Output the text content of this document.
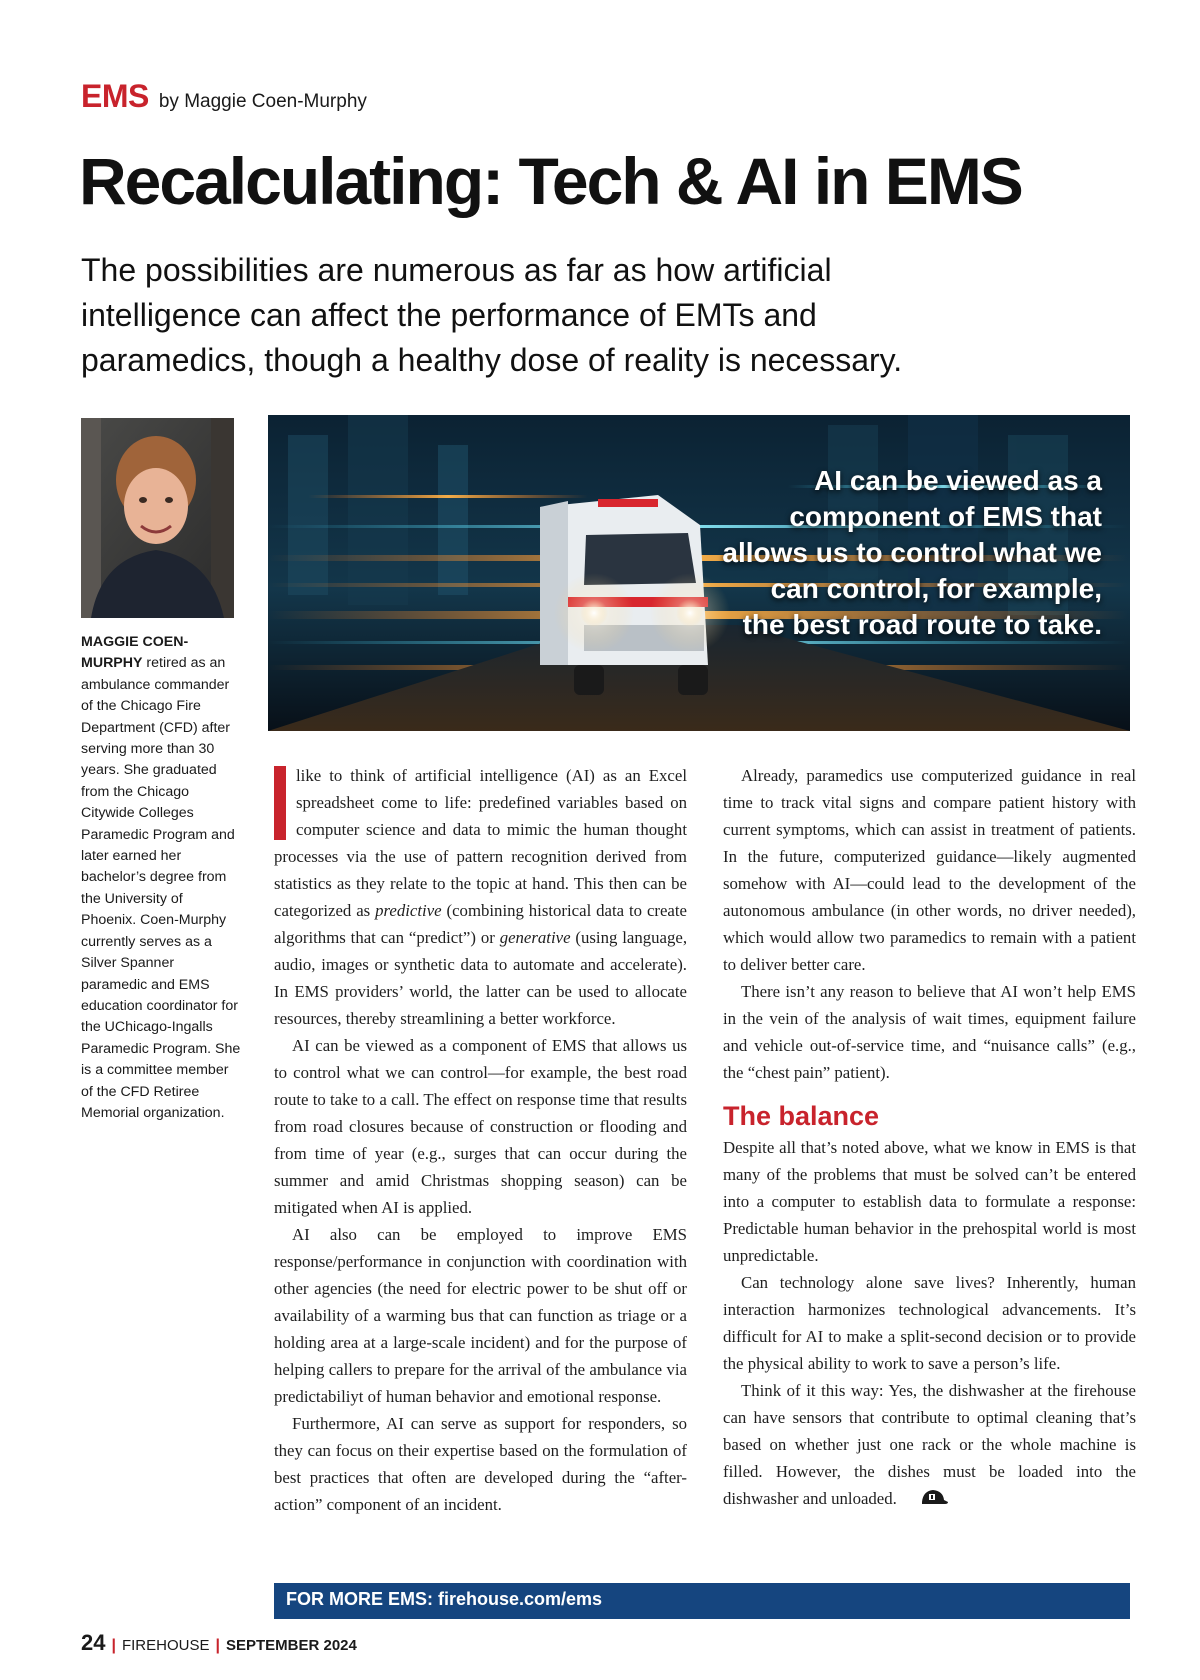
EMS by Maggie Coen-Murphy
Recalculating: Tech & AI in EMS

The possibilities are numerous as far as how artificial intelligence can affect the performance of EMTs and paramedics, though a healthy dose of reality is necessary.

MAGGIE COEN-MURPHY retired as an ambulance commander of the Chicago Fire Department (CFD) after serving more than 30 years. She graduated from the Chicago Citywide Colleges Paramedic Program and later earned her bachelor’s degree from the University of Phoenix. Coen-Murphy currently serves as a Silver Spanner paramedic and EMS education coordinator for the UChicago-Ingalls Paramedic Program. She is a committee member of the CFD Retiree Memorial organization.

AI can be viewed as a component of EMS that allows us to control what we can control, for example, the best road route to take.

like to think of artificial intelligence (AI) as an Excel spreadsheet come to life: predefined variables based on computer science and data to mimic the human thought processes via the use of pattern recognition derived from statistics as they relate to the topic at hand. This then can be categorized as predictive (combining historical data to create algorithms that can “predict”) or generative (using language, audio, images or synthetic data to automate and accelerate). In EMS providers’ world, the latter can be used to allocate resources, thereby streamlining a better workforce.

AI can be viewed as a component of EMS that allows us to control what we can control—for example, the best road route to take to a call. The effect on response time that results from road closures because of construction or flooding and from time of year (e.g., surges that can occur during the summer and amid Christmas shopping season) can be mitigated when AI is applied.

AI also can be employed to improve EMS response/performance in conjunction with coordination with other agencies (the need for electric power to be shut off or availability of a warming bus that can function as triage or a holding area at a large-scale incident) and for the purpose of helping callers to prepare for the arrival of the ambulance via predictabiliyt of human behavior and emotional response.

Furthermore, AI can serve as support for responders, so they can focus on their expertise based on the formulation of best practices that often are developed during the “after-action” component of an incident.

Already, paramedics use computerized guidance in real time to track vital signs and compare patient history with current symptoms, which can assist in treatment of patients. In the future, computerized guidance—likely augmented somehow with AI—could lead to the development of the autonomous ambulance (in other words, no driver needed), which would allow two paramedics to remain with a patient to deliver better care.

There isn’t any reason to believe that AI won’t help EMS in the vein of the analysis of wait times, equipment failure and vehicle out-of-service time, and “nuisance calls” (e.g., the “chest pain” patient).

The balance

Despite all that’s noted above, what we know in EMS is that many of the problems that must be solved can’t be entered into a computer to establish data to formulate a response: Predictable human behavior in the prehospital world is most unpredictable.

Can technology alone save lives? Inherently, human interaction harmonizes technological advancements. It’s difficult for AI to make a split-second decision or to provide the physical ability to work to save a person’s life.

Think of it this way: Yes, the dishwasher at the firehouse can have sensors that contribute to optimal cleaning that’s based on whether just one rack or the whole machine is filled. However, the dishes must be loaded into the dishwasher and unloaded.

FOR MORE EMS: firehouse.com/ems
24 | FIREHOUSE | SEPTEMBER 2024
